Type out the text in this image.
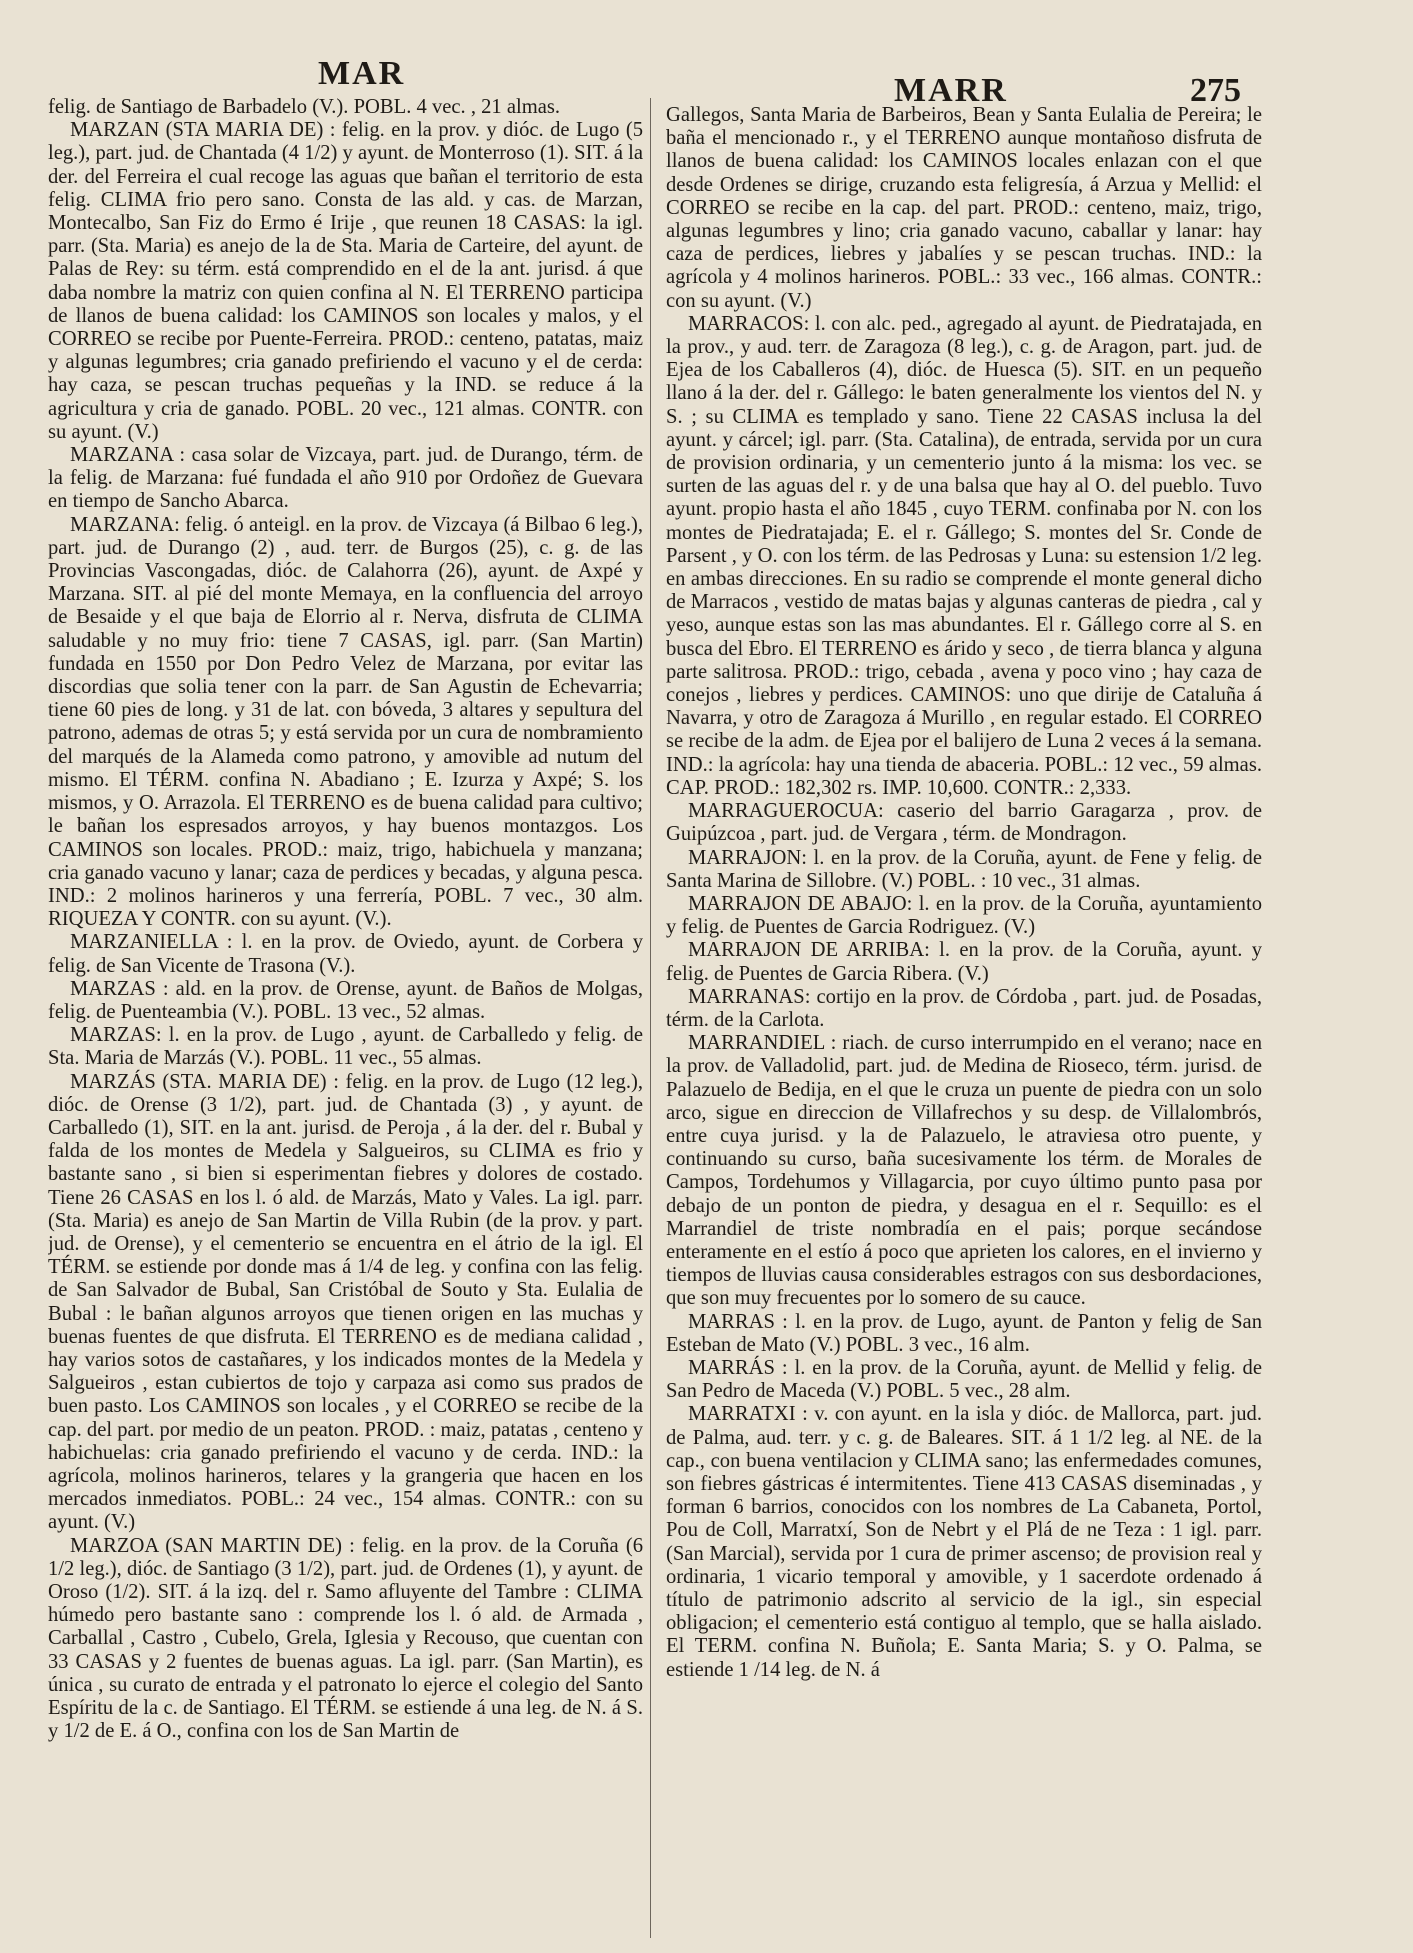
MAR	MARR	275

felig. de Santiago de Barbadelo (V.). POBL. 4 vec. , 21 almas.

MARZAN (STA MARIA DE) : felig. en la prov. y dióc. de Lugo (5 leg.), part. jud. de Chantada (4 1/2) y ayunt. de Monterroso (1). SIT. á la der. del Ferreira el cual recoge las aguas que bañan el territorio de esta felig. CLIMA frio pero sano. Consta de las ald. y cas. de Marzan, Montecalbo, San Fiz do Ermo é Irije , que reunen 18 CASAS: la igl. parr. (Sta. Maria) es anejo de la de Sta. Maria de Carteire, del ayunt. de Palas de Rey: su térm. está comprendido en el de la ant. jurisd. á que daba nombre la matriz con quien confina al N. El TERRENO participa de llanos de buena calidad: los CAMINOS son locales y malos, y el CORREO se recibe por Puente-Ferreira. PROD.: centeno, patatas, maiz y algunas legumbres; cria ganado prefiriendo el vacuno y el de cerda: hay caza, se pescan truchas pequeñas y la IND. se reduce á la agricultura y cria de ganado. POBL. 20 vec., 121 almas. CONTR. con su ayunt. (V.)

MARZANA : casa solar de Vizcaya, part. jud. de Durango, térm. de la felig. de Marzana: fué fundada el año 910 por Ordoñez de Guevara en tiempo de Sancho Abarca.

MARZANA: felig. ó anteigl. en la prov. de Vizcaya (á Bilbao 6 leg.), part. jud. de Durango (2) , aud. terr. de Burgos (25), c. g. de las Provincias Vascongadas, dióc. de Calahorra (26), ayunt. de Axpé y Marzana. SIT. al pié del monte Memaya, en la confluencia del arroyo de Besaide y el que baja de Elorrio al r. Nerva, disfruta de CLIMA saludable y no muy frio: tiene 7 CASAS, igl. parr. (San Martin) fundada en 1550 por Don Pedro Velez de Marzana, por evitar las discordias que solia tener con la parr. de San Agustin de Echevarria; tiene 60 pies de long. y 31 de lat. con bóveda, 3 altares y sepultura del patrono, ademas de otras 5; y está servida por un cura de nombramiento del marqués de la Alameda como patrono, y amovible ad nutum del mismo. El TÉRM. confina N. Abadiano ; E. Izurza y Axpé; S. los mismos, y O. Arrazola. El TERRENO es de buena calidad para cultivo; le bañan los espresados arroyos, y hay buenos montazgos. Los CAMINOS son locales. PROD.: maiz, trigo, habichuela y manzana; cria ganado vacuno y lanar; caza de perdices y becadas, y alguna pesca. IND.: 2 molinos harineros y una ferrería, POBL. 7 vec., 30 alm. RIQUEZA Y CONTR. con su ayunt. (V.).

MARZANIELLA : l. en la prov. de Oviedo, ayunt. de Corbera y felig. de San Vicente de Trasona (V.).

MARZAS : ald. en la prov. de Orense, ayunt. de Baños de Molgas, felig. de Puenteambia (V.). POBL. 13 vec., 52 almas.

MARZAS: l. en la prov. de Lugo , ayunt. de Carballedo y felig. de Sta. Maria de Marzás (V.). POBL. 11 vec., 55 almas.

MARZÁS (STA. MARIA DE) : felig. en la prov. de Lugo (12 leg.), dióc. de Orense (3 1/2), part. jud. de Chantada (3) , y ayunt. de Carballedo (1), SIT. en la ant. jurisd. de Peroja , á la der. del r. Bubal y falda de los montes de Medela y Salgueiros, su CLIMA es frio y bastante sano , si bien si esperimentan fiebres y dolores de costado. Tiene 26 CASAS en los l. ó ald. de Marzás, Mato y Vales. La igl. parr. (Sta. Maria) es anejo de San Martin de Villa Rubin (de la prov. y part. jud. de Orense), y el cementerio se encuentra en el átrio de la igl. El TÉRM. se estiende por donde mas á 1/4 de leg. y confina con las felig. de San Salvador de Bubal, San Cristóbal de Souto y Sta. Eulalia de Bubal : le bañan algunos arroyos que tienen origen en las muchas y buenas fuentes de que disfruta. El TERRENO es de mediana calidad , hay varios sotos de castañares, y los indicados montes de la Medela y Salgueiros , estan cubiertos de tojo y carpaza asi como sus prados de buen pasto. Los CAMINOS son locales , y el CORREO se recibe de la cap. del part. por medio de un peaton. PROD. : maiz, patatas , centeno y habichuelas: cria ganado prefiriendo el vacuno y de cerda. IND.: la agrícola, molinos harineros, telares y la grangeria que hacen en los mercados inmediatos. POBL.: 24 vec., 154 almas. CONTR.: con su ayunt. (V.)

MARZOA (SAN MARTIN DE) : felig. en la prov. de la Coruña (6 1/2 leg.), dióc. de Santiago (3 1/2), part. jud. de Ordenes (1), y ayunt. de Oroso (1/2). SIT. á la izq. del r. Samo afluyente del Tambre : CLIMA húmedo pero bastante sano : comprende los l. ó ald. de Armada , Carballal , Castro , Cubelo, Grela, Iglesia y Recouso, que cuentan con 33 CASAS y 2 fuentes de buenas aguas. La igl. parr. (San Martin), es única , su curato de entrada y el patronato lo ejerce el colegio del Santo Espíritu de la c. de Santiago. El TÉRM. se estiende á una leg. de N. á S. y 1/2 de E. á O., confina con los de San Martin de

Gallegos, Santa Maria de Barbeiros, Bean y Santa Eulalia de Pereira; le baña el mencionado r., y el TERRENO aunque montañoso disfruta de llanos de buena calidad: los CAMINOS locales enlazan con el que desde Ordenes se dirige, cruzando esta feligresía, á Arzua y Mellid: el CORREO se recibe en la cap. del part. PROD.: centeno, maiz, trigo, algunas legumbres y lino; cria ganado vacuno, caballar y lanar: hay caza de perdices, liebres y jabalíes y se pescan truchas. IND.: la agrícola y 4 molinos harineros. POBL.: 33 vec., 166 almas. CONTR.: con su ayunt. (V.)

MARRACOS: l. con alc. ped., agregado al ayunt. de Piedratajada, en la prov., y aud. terr. de Zaragoza (8 leg.), c. g. de Aragon, part. jud. de Ejea de los Caballeros (4), dióc. de Huesca (5). SIT. en un pequeño llano á la der. del r. Gállego: le baten generalmente los vientos del N. y S. ; su CLIMA es templado y sano. Tiene 22 CASAS inclusa la del ayunt. y cárcel; igl. parr. (Sta. Catalina), de entrada, servida por un cura de provision ordinaria, y un cementerio junto á la misma: los vec. se surten de las aguas del r. y de una balsa que hay al O. del pueblo. Tuvo ayunt. propio hasta el año 1845 , cuyo TERM. confinaba por N. con los montes de Piedratajada; E. el r. Gállego; S. montes del Sr. Conde de Parsent , y O. con los térm. de las Pedrosas y Luna: su estension 1/2 leg. en ambas direcciones. En su radio se comprende el monte general dicho de Marracos , vestido de matas bajas y algunas canteras de piedra , cal y yeso, aunque estas son las mas abundantes. El r. Gállego corre al S. en busca del Ebro. El TERRENO es árido y seco , de tierra blanca y alguna parte salitrosa. PROD.: trigo, cebada , avena y poco vino ; hay caza de conejos , liebres y perdices. CAMINOS: uno que dirije de Cataluña á Navarra, y otro de Zaragoza á Murillo , en regular estado. El CORREO se recibe de la adm. de Ejea por el balijero de Luna 2 veces á la semana. IND.: la agrícola: hay una tienda de abaceria. POBL.: 12 vec., 59 almas. CAP. PROD.: 182,302 rs. IMP. 10,600. CONTR.: 2,333.

MARRAGUEROCUA: caserio del barrio Garagarza , prov. de Guipúzcoa , part. jud. de Vergara , térm. de Mondragon.

MARRAJON: l. en la prov. de la Coruña, ayunt. de Fene y felig. de Santa Marina de Sillobre. (V.) POBL. : 10 vec., 31 almas.

MARRAJON DE ABAJO: l. en la prov. de la Coruña, ayuntamiento y felig. de Puentes de Garcia Rodriguez. (V.)

MARRAJON DE ARRIBA: l. en la prov. de la Coruña, ayunt. y felig. de Puentes de Garcia Ribera. (V.)

MARRANAS: cortijo en la prov. de Córdoba , part. jud. de Posadas, térm. de la Carlota.

MARRANDIEL : riach. de curso interrumpido en el verano; nace en la prov. de Valladolid, part. jud. de Medina de Rioseco, térm. jurisd. de Palazuelo de Bedija, en el que le cruza un puente de piedra con un solo arco, sigue en direccion de Villafrechos y su desp. de Villalombrós, entre cuya jurisd. y la de Palazuelo, le atraviesa otro puente, y continuando su curso, baña sucesivamente los térm. de Morales de Campos, Tordehumos y Villagarcia, por cuyo último punto pasa por debajo de un ponton de piedra, y desagua en el r. Sequillo: es el Marrandiel de triste nombradía en el pais; porque secándose enteramente en el estío á poco que aprieten los calores, en el invierno y tiempos de lluvias causa considerables estragos con sus desbordaciones, que son muy frecuentes por lo somero de su cauce.

MARRAS : l. en la prov. de Lugo, ayunt. de Panton y felig de San Esteban de Mato (V.) POBL. 3 vec., 16 alm.

MARRÁS : l. en la prov. de la Coruña, ayunt. de Mellid y felig. de San Pedro de Maceda (V.) POBL. 5 vec., 28 alm.

MARRATXI : v. con ayunt. en la isla y dióc. de Mallorca, part. jud. de Palma, aud. terr. y c. g. de Baleares. SIT. á 1 1/2 leg. al NE. de la cap., con buena ventilacion y CLIMA sano; las enfermedades comunes, son fiebres gástricas é intermitentes. Tiene 413 CASAS diseminadas , y forman 6 barrios, conocidos con los nombres de La Cabaneta, Portol, Pou de Coll, Marratxí, Son de Nebrt y el Plá de ne Teza : 1 igl. parr. (San Marcial), servida por 1 cura de primer ascenso; de provision real y ordinaria, 1 vicario temporal y amovible, y 1 sacerdote ordenado á título de patrimonio adscrito al servicio de la igl., sin especial obligacion; el cementerio está contiguo al templo, que se halla aislado. El TERM. confina N. Buñola; E. Santa Maria; S. y O. Palma, se estiende 1 /14 leg. de N. á
